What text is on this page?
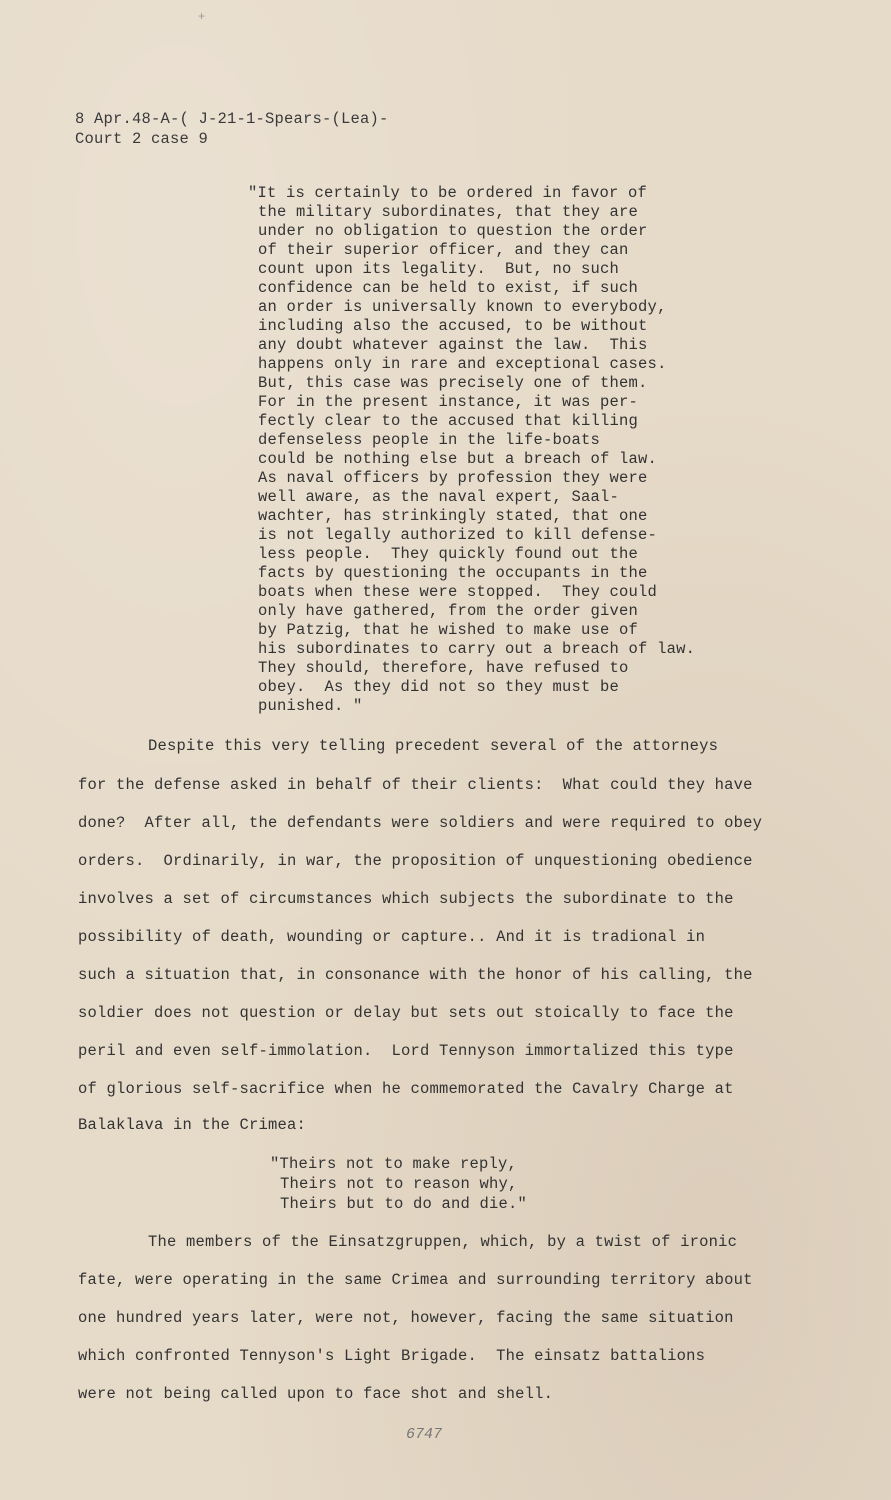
+
8 Apr.48-A-( J-21-1-Spears-(Lea)-
Court 2 case 9
"It is certainly to be ordered in favor of
the military subordinates, that they are
under no obligation to question the order
of their superior officer, and they can
count upon its legality.  But, no such
confidence can be held to exist, if such
an order is universally known to everybody,
including also the accused, to be without
any doubt whatever against the law.  This
happens only in rare and exceptional cases.
But, this case was precisely one of them.
For in the present instance, it was per-
fectly clear to the accused that killing
defenseless people in the life-boats
could be nothing else but a breach of law.
As naval officers by profession they were
well aware, as the naval expert, Saal-
wachter, has strinkingly stated, that one
is not legally authorized to kill defense-
less people.  They quickly found out the
facts by questioning the occupants in the
boats when these were stopped.  They could
only have gathered, from the order given
by Patzig, that he wished to make use of
his subordinates to carry out a breach of law.
They should, therefore, have refused to
obey.  As they did not so they must be
punished. "
Despite this very telling precedent several of the attorneys
for the defense asked in behalf of their clients:  What could they have
done?  After all, the defendants were soldiers and were required to obey
orders.  Ordinarily, in war, the proposition of unquestioning obedience
involves a set of circumstances which subjects the subordinate to the
possibility of death, wounding or capture.. And it is tradional in
such a situation that, in consonance with the honor of his calling, the
soldier does not question or delay but sets out stoically to face the
peril and even self-immolation.  Lord Tennyson immortalized this type
of glorious self-sacrifice when he commemorated the Cavalry Charge at
Balaklava in the Crimea:
"Theirs not to make reply,
Theirs not to reason why,
Theirs but to do and die."
The members of the Einsatzgruppen, which, by a twist of ironic
fate, were operating in the same Crimea and surrounding territory about
one hundred years later, were not, however, facing the same situation
which confronted Tennyson's Light Brigade.  The einsatz battalions
were not being called upon to face shot and shell.
6747
